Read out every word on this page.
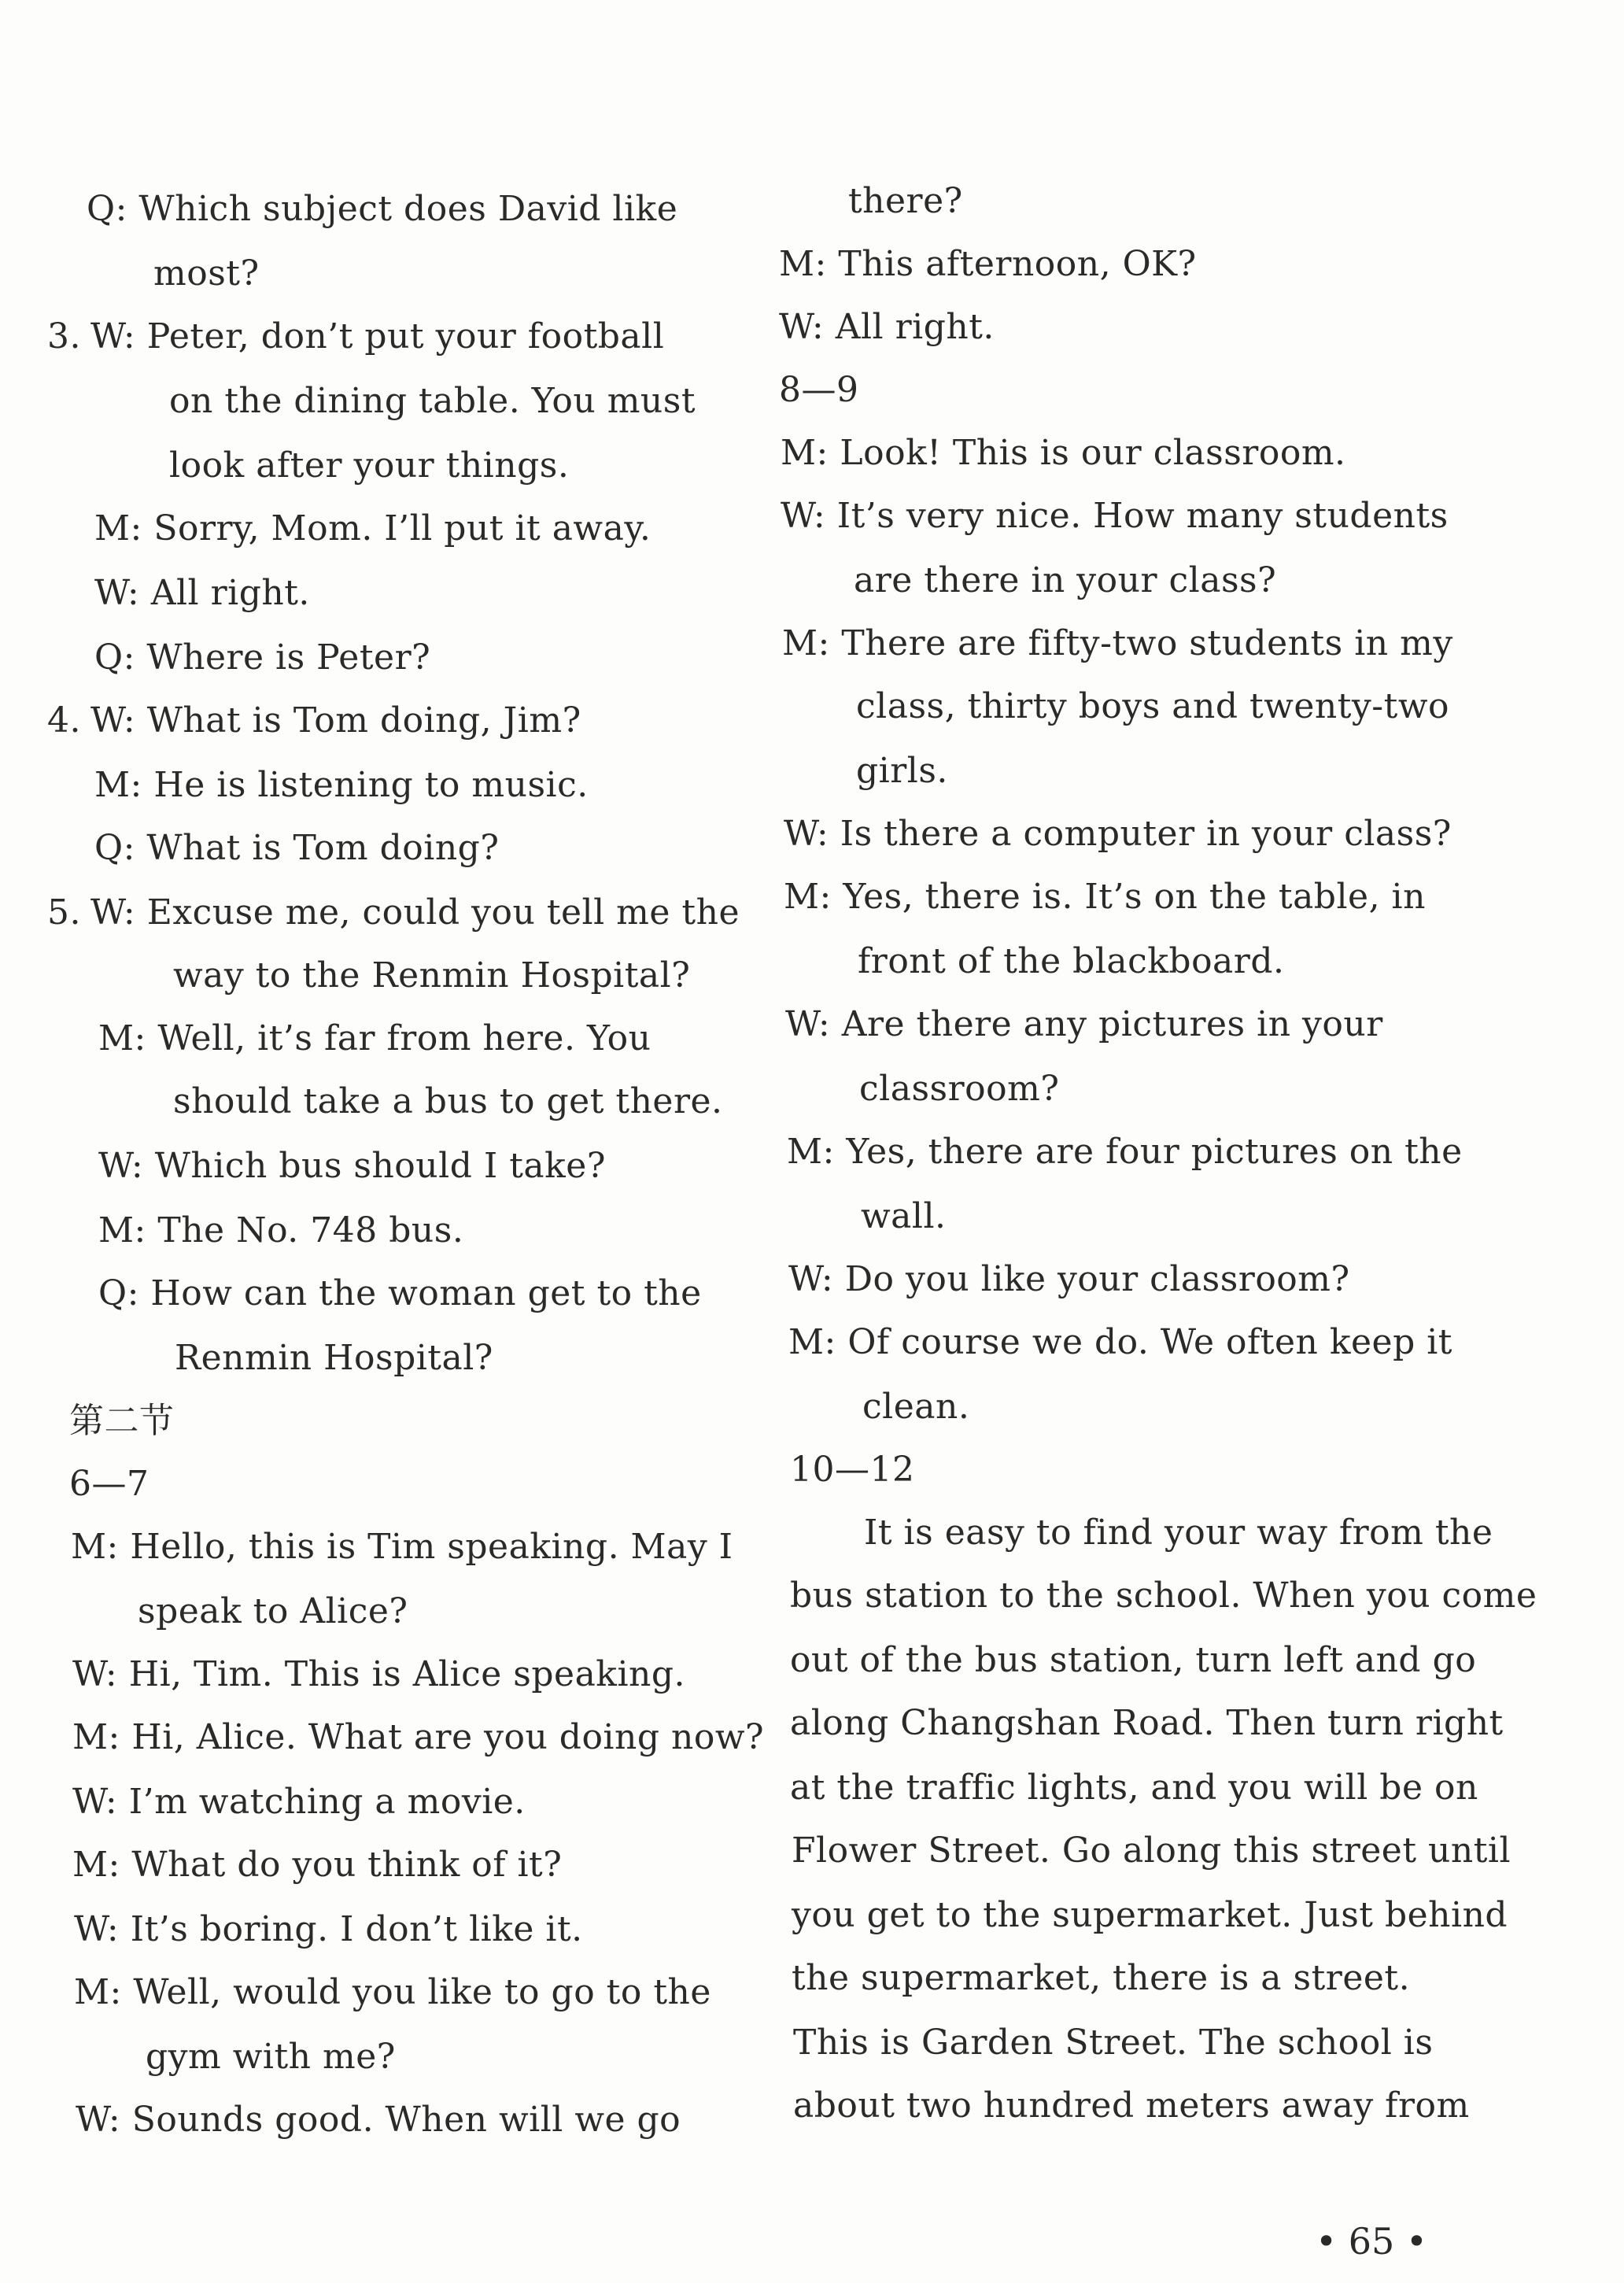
Q: Which subject does David like

most?

3. W: Peter, don’t put your football

on the dining table. You must

look after your things.

M: Sorry, Mom. I’ll put it away.

W: All right.

Q: Where is Peter?

4. W: What is Tom doing, Jim?

M: He is listening to music.

Q: What is Tom doing?

5. W: Excuse me, could you tell me the

way to the Renmin Hospital?

M: Well, it’s far from here. You

should take a bus to get there.

W: Which bus should I take?

M: The No. 748 bus.

Q: How can the woman get to the

Renmin Hospital?

第二节

6—7

M: Hello, this is Tim speaking. May I

speak to Alice?

W: Hi, Tim. This is Alice speaking.

M: Hi, Alice. What are you doing now?

W: I’m watching a movie.

M: What do you think of it?

W: It’s boring. I don’t like it.

M: Well, would you like to go to the

gym with me?

W: Sounds good. When will we go

there?

M: This afternoon, OK?

W: All right.

8—9

M: Look! This is our classroom.

W: It’s very nice. How many students

are there in your class?

M: There are fifty-two students in my

class, thirty boys and twenty-two

girls.

W: Is there a computer in your class?

M: Yes, there is. It’s on the table, in

front of the blackboard.

W: Are there any pictures in your

classroom?

M: Yes, there are four pictures on the

wall.

W: Do you like your classroom?

M: Of course we do. We often keep it

clean.

10—12

It is easy to find your way from the

bus station to the school. When you come

out of the bus station, turn left and go

along Changshan Road. Then turn right

at the traffic lights, and you will be on

Flower Street. Go along this street until

you get to the supermarket. Just behind

the supermarket, there is a street.

This is Garden Street. The school is

about two hundred meters away from

• 65 •
